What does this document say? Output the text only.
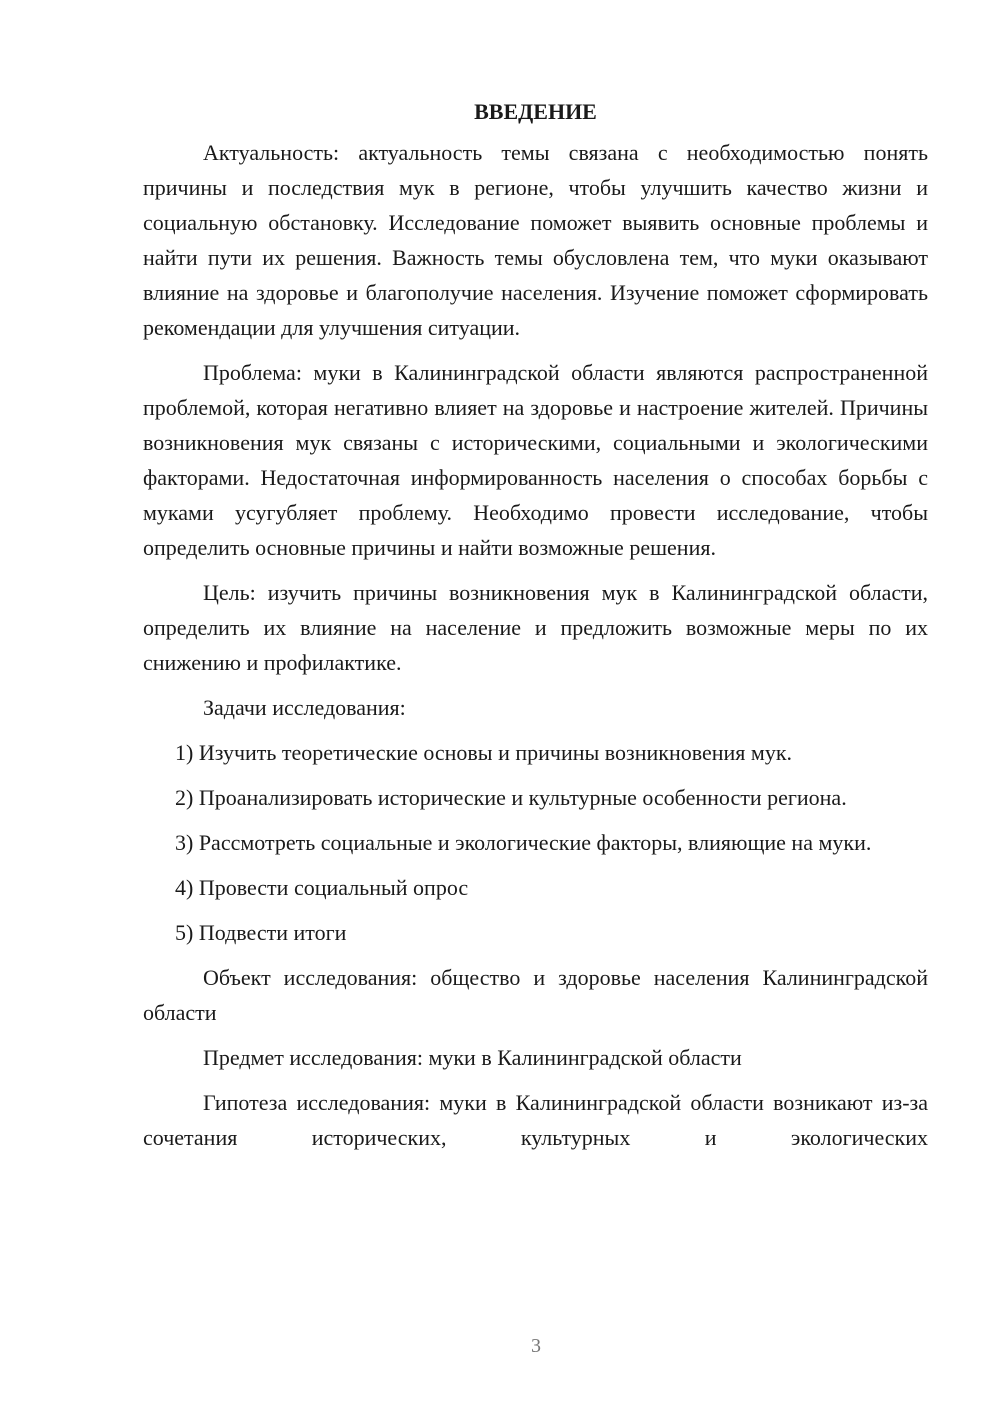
ВВЕДЕНИЕ

Актуальность: актуальность темы связана с необходимостью понять причины и последствия мук в регионе, чтобы улучшить качество жизни и социальную обстановку. Исследование поможет выявить основные проблемы и найти пути их решения. Важность темы обусловлена тем, что муки оказывают влияние на здоровье и благополучие населения. Изучение поможет сформировать рекомендации для улучшения ситуации.

Проблема: муки в Калининградской области являются распространенной проблемой, которая негативно влияет на здоровье и настроение жителей. Причины возникновения мук связаны с историческими, социальными и экологическими факторами. Недостаточная информированность населения о способах борьбы с муками усугубляет проблему. Необходимо провести исследование, чтобы определить основные причины и найти возможные решения.

Цель: изучить причины возникновения мук в Калининградской области, определить их влияние на население и предложить возможные меры по их снижению и профилактике.

Задачи исследования:

1) Изучить теоретические основы и причины возникновения мук.

2) Проанализировать исторические и культурные особенности региона.

3) Рассмотреть социальные и экологические факторы, влияющие на муки.

4) Провести социальный опрос

5) Подвести итоги

Объект исследования: общество и здоровье населения Калининградской области

Предмет исследования: муки в Калининградской области

Гипотеза исследования: муки в Калининградской области возникают из-за сочетания исторических, культурных и экологических

3
